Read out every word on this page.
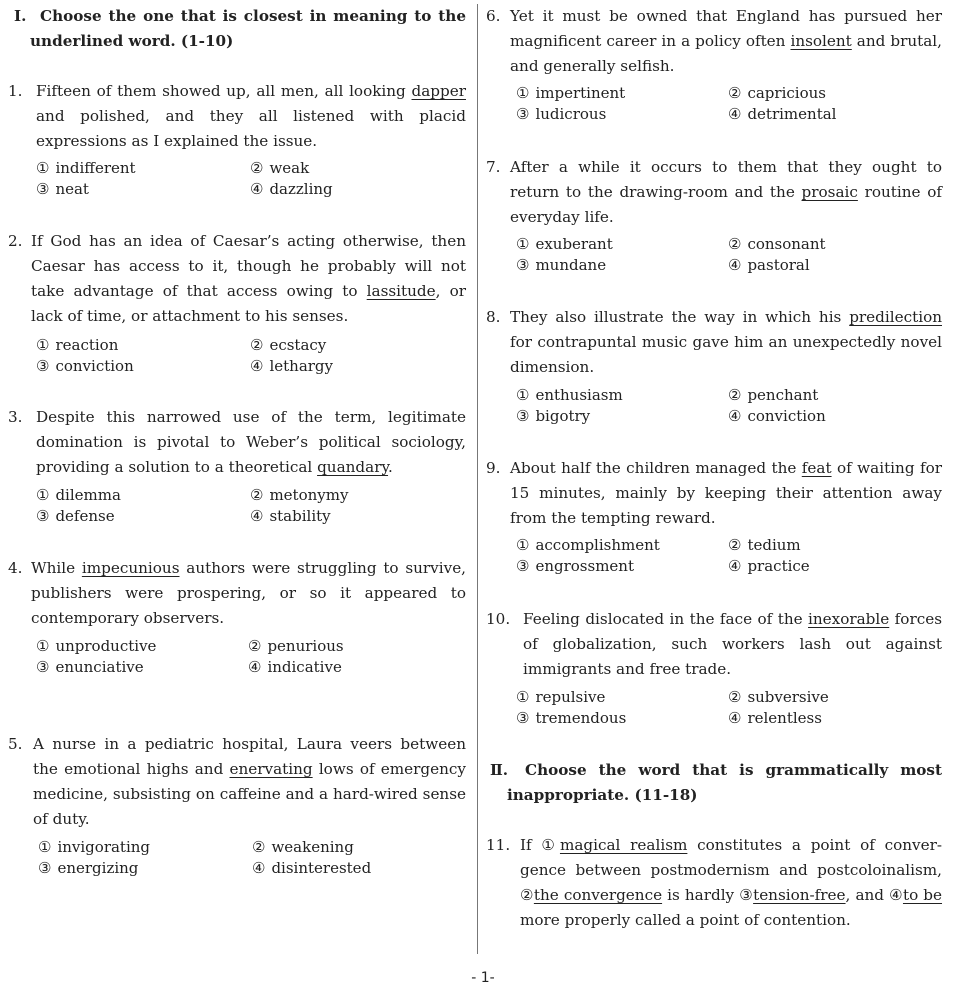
Ⅰ. Choose the one that is closest in meaning to the underlined word. (1-10)
1. Fifteen of them showed up, all men, all looking dapper and polished, and they all listened with placid expressions as I explained the issue.
① indifferent	② weak
③ neat	④ dazzling
2. If God has an idea of Caesar’s acting otherwise, then Caesar has access to it, though he probably will not take advantage of that access owing to lassitude, or lack of time, or attachment to his senses.
① reaction	② ecstacy
③ conviction	④ lethargy
3. Despite this narrowed use of the term, legitimate domination is pivotal to Weber’s political sociology, providing a solution to a theoretical quandary.
① dilemma	② metonymy
③ defense	④ stability
4. While impecunious authors were struggling to survive, publishers were prospering, or so it appeared to contemporary observers.
① unproductive	② penurious
③ enunciative	④ indicative
5. A nurse in a pediatric hospital, Laura veers between the emotional highs and enervating lows of emergency medicine, subsisting on caffeine and a hard-wired sense of duty.
① invigorating	② weakening
③ energizing	④ disinterested
6. Yet it must be owned that England has pursued her magnificent career in a policy often insolent and brutal, and generally selfish.
① impertinent	② capricious
③ ludicrous	④ detrimental
7. After a while it occurs to them that they ought to return to the drawing-room and the prosaic routine of everyday life.
① exuberant	② consonant
③ mundane	④ pastoral
8. They also illustrate the way in which his predilection for contrapuntal music gave him an unexpectedly novel dimension.
① enthusiasm	② penchant
③ bigotry	④ conviction
9. About half the children managed the feat of waiting for 15 minutes, mainly by keeping their attention away from the tempting reward.
① accomplishment	② tedium
③ engrossment	④ practice
10. Feeling dislocated in the face of the inexorable forces of globalization, such workers lash out against immigrants and free trade.
① repulsive	② subversive
③ tremendous	④ relentless
Ⅱ.	Choose the word that is grammatically most inappropriate. (11-18)
11. If ①magical realism constitutes a point of conver-gence between postmodernism and postcoloinalism, ②the convergence is hardly ③tension-free, and ④to be more properly called a point of contention.
- 1-
